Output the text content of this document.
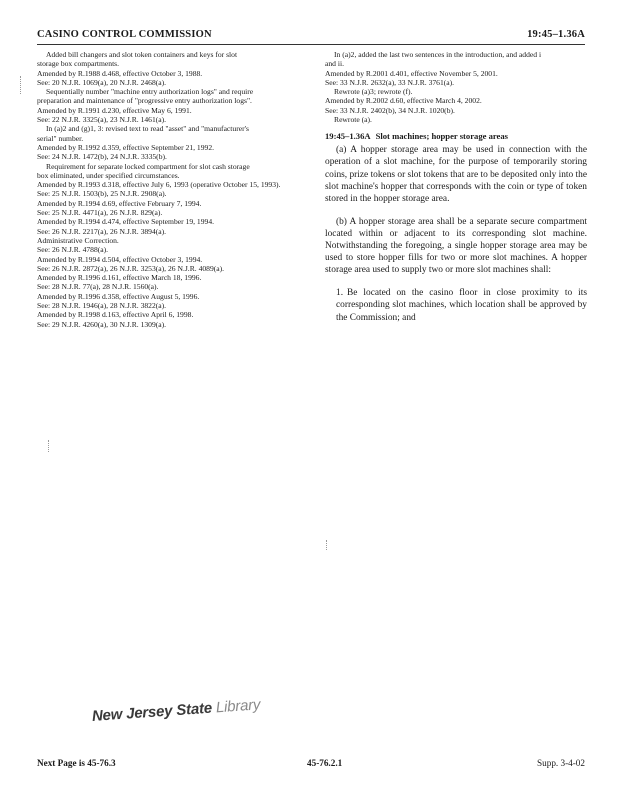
CASINO CONTROL COMMISSION	19:45–1.36A
Added bill changers and slot token containers and keys for slot
storage box compartments.
Amended by R.1988 d.468, effective October 3, 1988.
See: 20 N.J.R. 1069(a), 20 N.J.R. 2468(a).
Sequentially number "machine entry authorization logs" and require
preparation and maintenance of "progressive entry authorization logs".
Amended by R.1991 d.230, effective May 6, 1991.
See: 22 N.J.R. 3325(a), 23 N.J.R. 1461(a).
In (a)2 and (g)1, 3: revised text to read "asset" and "manufacturer's
serial" number.
Amended by R.1992 d.359, effective September 21, 1992.
See: 24 N.J.R. 1472(b), 24 N.J.R. 3335(b).
Requirement for separate locked compartment for slot cash storage
box eliminated, under specified circumstances.
Amended by R.1993 d.318, effective July 6, 1993 (operative October 15, 1993).
See: 25 N.J.R. 1503(b), 25 N.J.R. 2908(a).
Amended by R.1994 d.69, effective February 7, 1994.
See: 25 N.J.R. 4471(a), 26 N.J.R. 829(a).
Amended by R.1994 d.474, effective September 19, 1994.
See: 26 N.J.R. 2217(a), 26 N.J.R. 3894(a).
Administrative Correction.
See: 26 N.J.R. 4788(a).
Amended by R.1994 d.504, effective October 3, 1994.
See: 26 N.J.R. 2872(a), 26 N.J.R. 3253(a), 26 N.J.R. 4089(a).
Amended by R.1996 d.161, effective March 18, 1996.
See: 28 N.J.R. 77(a), 28 N.J.R. 1560(a).
Amended by R.1996 d.358, effective August 5, 1996.
See: 28 N.J.R. 1946(a), 28 N.J.R. 3822(a).
Amended by R.1998 d.163, effective April 6, 1998.
See: 29 N.J.R. 4260(a), 30 N.J.R. 1309(a).
In (a)2, added the last two sentences in the introduction, and added i
and ii.
Amended by R.2001 d.401, effective November 5, 2001.
See: 33 N.J.R. 2632(a), 33 N.J.R. 3761(a).
Rewrote (a)3; rewrote (f).
Amended by R.2002 d.60, effective March 4, 2002.
See: 33 N.J.R. 2402(b), 34 N.J.R. 1020(b).
Rewrote (a).
19:45–1.36A Slot machines; hopper storage areas

(a) A hopper storage area may be used in connection with the operation of a slot machine, for the purpose of temporarily storing coins, prize tokens or slot tokens that are to be deposited only into the slot machine's hopper that corresponds with the coin or type of token stored in the hopper storage area.

(b) A hopper storage area shall be a separate secure compartment located within or adjacent to its corresponding slot machine. Notwithstanding the foregoing, a single hopper storage area may be used to store hopper fills for two or more slot machines. A hopper storage area used to supply two or more slot machines shall:

1. Be located on the casino floor in close proximity to its corresponding slot machines, which location shall be approved by the Commission; and

New Jersey State Library
Next Page is 45-76.3	45-76.2.1	Supp. 3-4-02
